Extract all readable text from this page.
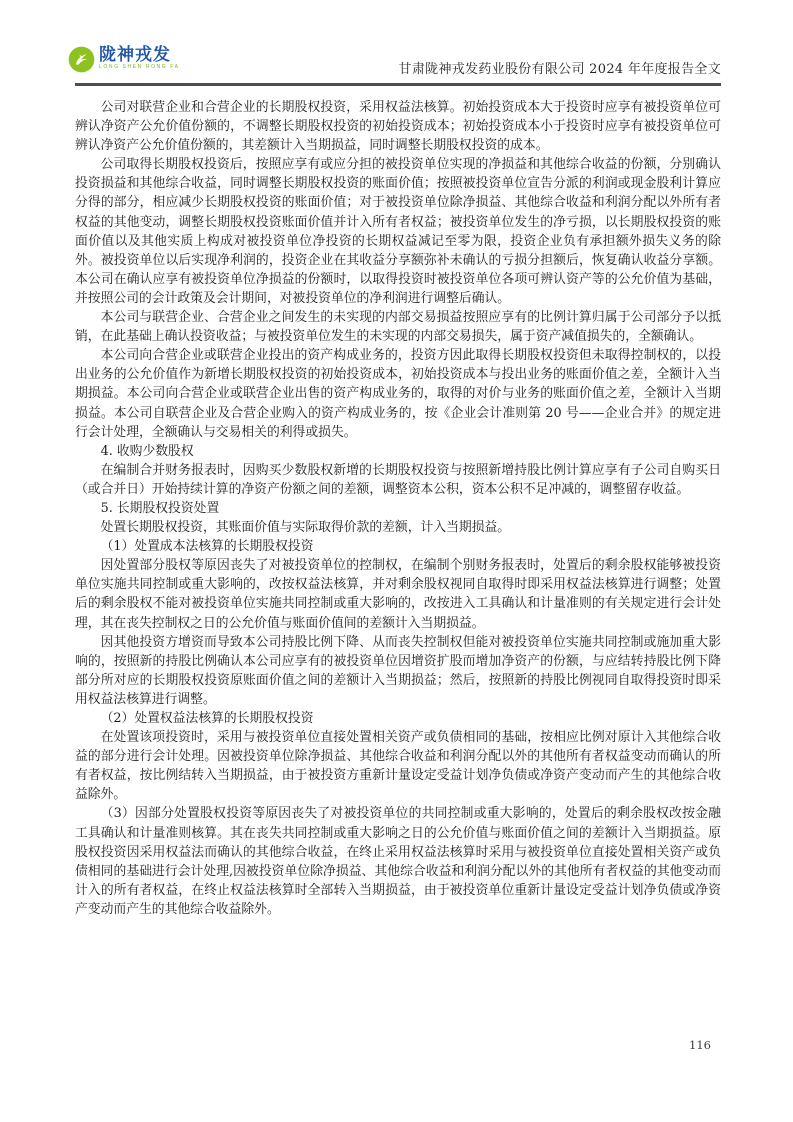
陇神戎发
LONG SHEN RONG FA	甘肃陇神戎发药业股份有限公司 2024 年年度报告全文

公司对联营企业和合营企业的长期股权投资，采用权益法核算。初始投资成本大于投资时应享有被投资单位可辨认净资产公允价值份额的，不调整长期股权投资的初始投资成本；初始投资成本小于投资时应享有被投资单位可辨认净资产公允价值份额的，其差额计入当期损益，同时调整长期股权投资的成本。

公司取得长期股权投资后，按照应享有或应分担的被投资单位实现的净损益和其他综合收益的份额，分别确认投资损益和其他综合收益，同时调整长期股权投资的账面价值；按照被投资单位宣告分派的利润或现金股利计算应分得的部分，相应减少长期股权投资的账面价值；对于被投资单位除净损益、其他综合收益和利润分配以外所有者权益的其他变动，调整长期股权投资账面价值并计入所有者权益；被投资单位发生的净亏损，以长期股权投资的账面价值以及其他实质上构成对被投资单位净投资的长期权益减记至零为限，投资企业负有承担额外损失义务的除外。被投资单位以后实现净利润的，投资企业在其收益分享额弥补未确认的亏损分担额后，恢复确认收益分享额。本公司在确认应享有被投资单位净损益的份额时，以取得投资时被投资单位各项可辨认资产等的公允价值为基础，并按照公司的会计政策及会计期间，对被投资单位的净利润进行调整后确认。

本公司与联营企业、合营企业之间发生的未实现的内部交易损益按照应享有的比例计算归属于公司部分予以抵销，在此基础上确认投资收益；与被投资单位发生的未实现的内部交易损失，属于资产减值损失的，全额确认。

本公司向合营企业或联营企业投出的资产构成业务的，投资方因此取得长期股权投资但未取得控制权的，以投出业务的公允价值作为新增长期股权投资的初始投资成本，初始投资成本与投出业务的账面价值之差，全额计入当期损益。本公司向合营企业或联营企业出售的资产构成业务的，取得的对价与业务的账面价值之差，全额计入当期损益。本公司自联营企业及合营企业购入的资产构成业务的，按《企业会计准则第 20 号——企业合并》的规定进行会计处理，全额确认与交易相关的利得或损失。

4. 收购少数股权

在编制合并财务报表时，因购买少数股权新增的长期股权投资与按照新增持股比例计算应享有子公司自购买日（或合并日）开始持续计算的净资产份额之间的差额，调整资本公积，资本公积不足冲减的，调整留存收益。

5. 长期股权投资处置

处置长期股权投资，其账面价值与实际取得价款的差额，计入当期损益。

（1）处置成本法核算的长期股权投资

因处置部分股权等原因丧失了对被投资单位的控制权，在编制个别财务报表时，处置后的剩余股权能够被投资单位实施共同控制或重大影响的，改按权益法核算，并对剩余股权视同自取得时即采用权益法核算进行调整；处置后的剩余股权不能对被投资单位实施共同控制或重大影响的，改按进入工具确认和计量准则的有关规定进行会计处理，其在丧失控制权之日的公允价值与账面价值间的差额计入当期损益。

因其他投资方增资而导致本公司持股比例下降、从而丧失控制权但能对被投资单位实施共同控制或施加重大影响的，按照新的持股比例确认本公司应享有的被投资单位因增资扩股而增加净资产的份额，与应结转持股比例下降部分所对应的长期股权投资原账面价值之间的差额计入当期损益；然后，按照新的持股比例视同自取得投资时即采用权益法核算进行调整。

（2）处置权益法核算的长期股权投资

在处置该项投资时，采用与被投资单位直接处置相关资产或负债相同的基础，按相应比例对原计入其他综合收益的部分进行会计处理。因被投资单位除净损益、其他综合收益和利润分配以外的其他所有者权益变动而确认的所有者权益，按比例结转入当期损益，由于被投资方重新计量设定受益计划净负债或净资产变动而产生的其他综合收益除外。

（3）因部分处置股权投资等原因丧失了对被投资单位的共同控制或重大影响的，处置后的剩余股权改按金融工具确认和计量准则核算。其在丧失共同控制或重大影响之日的公允价值与账面价值之间的差额计入当期损益。原股权投资因采用权益法而确认的其他综合收益，在终止采用权益法核算时采用与被投资单位直接处置相关资产或负债相同的基础进行会计处理,因被投资单位除净损益、其他综合收益和利润分配以外的其他所有者权益的其他变动而计入的所有者权益，在终止权益法核算时全部转入当期损益，由于被投资单位重新计量设定受益计划净负债或净资产变动而产生的其他综合收益除外。

116
